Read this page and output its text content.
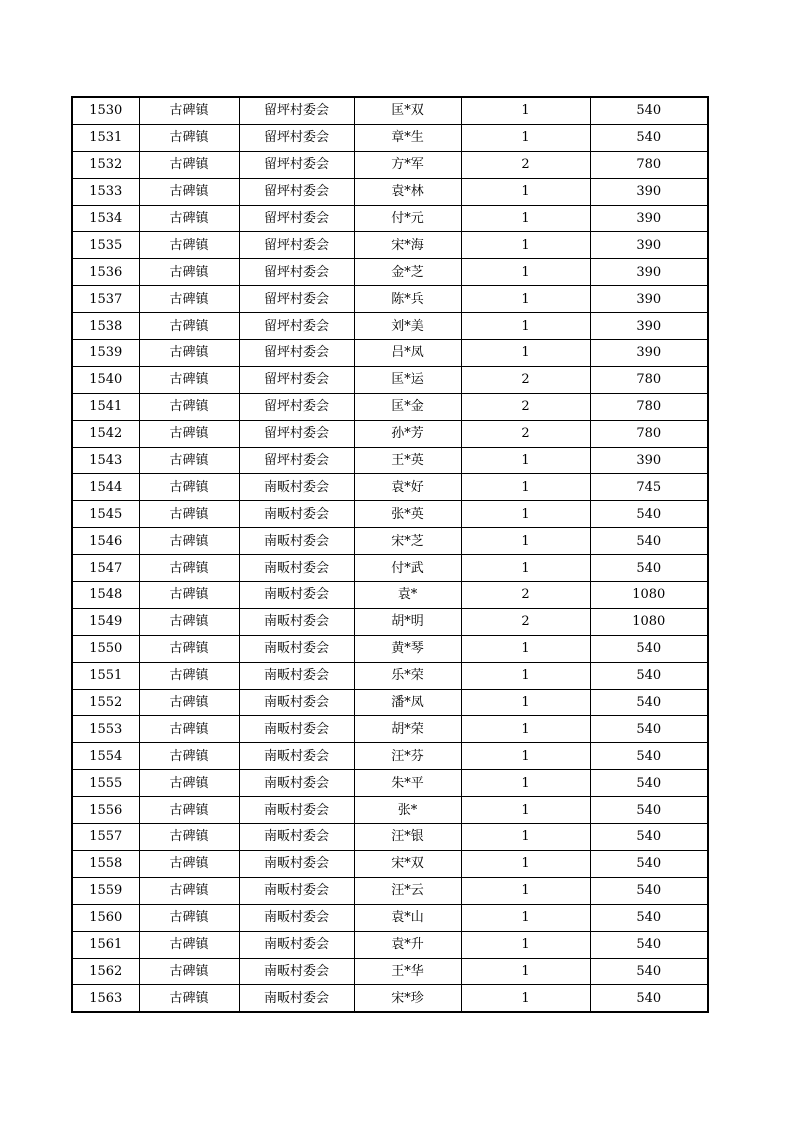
1530	古碑镇	留坪村委会	匡*双	1	540
1531	古碑镇	留坪村委会	章*生	1	540
1532	古碑镇	留坪村委会	方*军	2	780
1533	古碑镇	留坪村委会	袁*林	1	390
1534	古碑镇	留坪村委会	付*元	1	390
1535	古碑镇	留坪村委会	宋*海	1	390
1536	古碑镇	留坪村委会	金*芝	1	390
1537	古碑镇	留坪村委会	陈*兵	1	390
1538	古碑镇	留坪村委会	刘*美	1	390
1539	古碑镇	留坪村委会	吕*凤	1	390
1540	古碑镇	留坪村委会	匡*运	2	780
1541	古碑镇	留坪村委会	匡*金	2	780
1542	古碑镇	留坪村委会	孙*芳	2	780
1543	古碑镇	留坪村委会	王*英	1	390
1544	古碑镇	南畈村委会	袁*好	1	745
1545	古碑镇	南畈村委会	张*英	1	540
1546	古碑镇	南畈村委会	宋*芝	1	540
1547	古碑镇	南畈村委会	付*武	1	540
1548	古碑镇	南畈村委会	袁*	2	1080
1549	古碑镇	南畈村委会	胡*明	2	1080
1550	古碑镇	南畈村委会	黄*琴	1	540
1551	古碑镇	南畈村委会	乐*荣	1	540
1552	古碑镇	南畈村委会	潘*凤	1	540
1553	古碑镇	南畈村委会	胡*荣	1	540
1554	古碑镇	南畈村委会	汪*芬	1	540
1555	古碑镇	南畈村委会	朱*平	1	540
1556	古碑镇	南畈村委会	张*	1	540
1557	古碑镇	南畈村委会	汪*银	1	540
1558	古碑镇	南畈村委会	宋*双	1	540
1559	古碑镇	南畈村委会	汪*云	1	540
1560	古碑镇	南畈村委会	袁*山	1	540
1561	古碑镇	南畈村委会	袁*升	1	540
1562	古碑镇	南畈村委会	王*华	1	540
1563	古碑镇	南畈村委会	宋*珍	1	540
